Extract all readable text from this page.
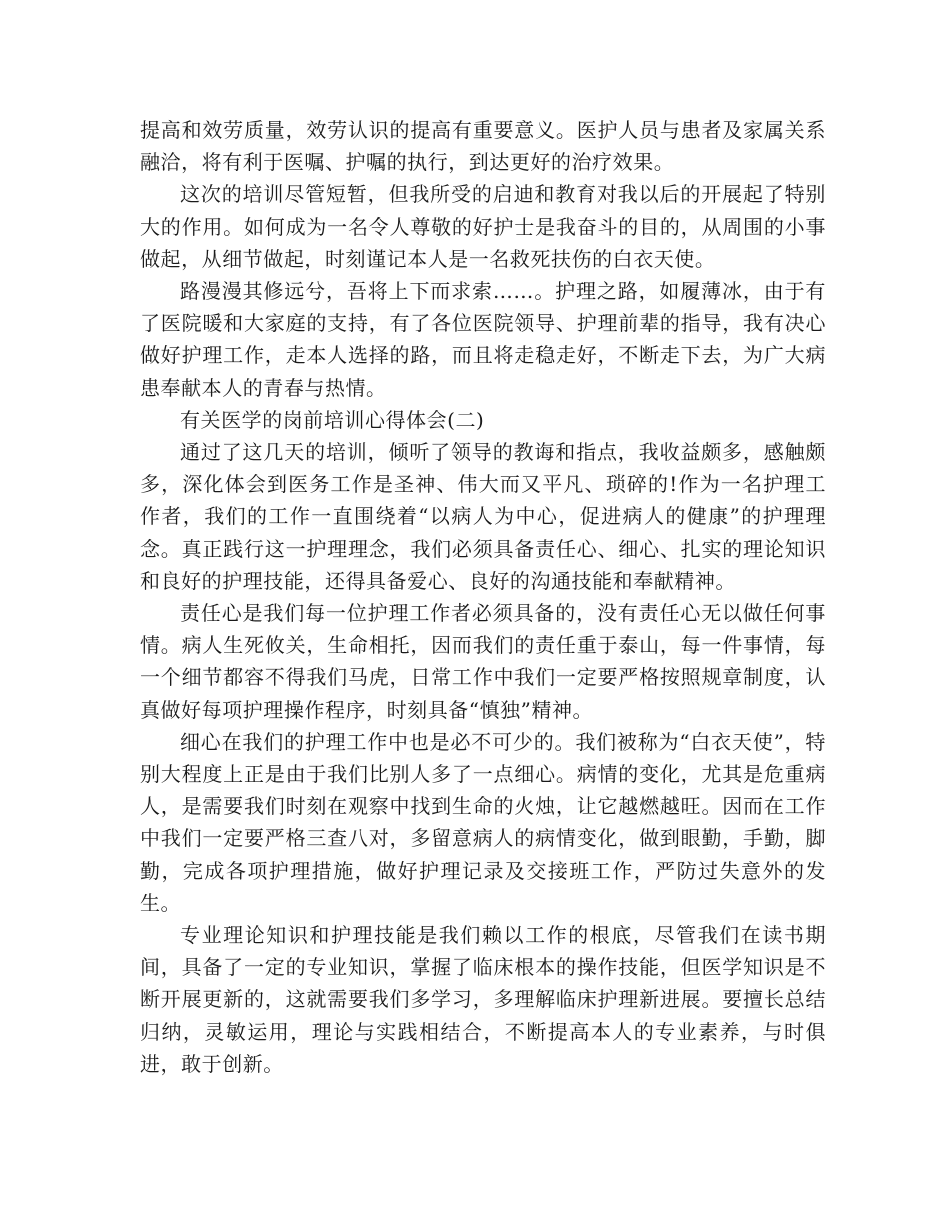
提高和效劳质量，效劳认识的提高有重要意义。医护人员与患者及家属关系融洽，将有利于医嘱、护嘱的执行，到达更好的治疗效果。

这次的培训尽管短暂，但我所受的启迪和教育对我以后的开展起了特别大的作用。如何成为一名令人尊敬的好护士是我奋斗的目的，从周围的小事做起，从细节做起，时刻谨记本人是一名救死扶伤的白衣天使。

路漫漫其修远兮，吾将上下而求索……。护理之路，如履薄冰，由于有了医院暖和大家庭的支持，有了各位医院领导、护理前辈的指导，我有决心做好护理工作，走本人选择的路，而且将走稳走好，不断走下去，为广大病患奉献本人的青春与热情。

有关医学的岗前培训心得体会(二)

通过了这几天的培训，倾听了领导的教诲和指点，我收益颇多，感触颇多，深化体会到医务工作是圣神、伟大而又平凡、琐碎的!作为一名护理工作者，我们的工作一直围绕着“以病人为中心，促进病人的健康”的护理理念。真正践行这一护理理念，我们必须具备责任心、细心、扎实的理论知识和良好的护理技能，还得具备爱心、良好的沟通技能和奉献精神。

责任心是我们每一位护理工作者必须具备的，没有责任心无以做任何事情。病人生死攸关，生命相托，因而我们的责任重于泰山，每一件事情，每一个细节都容不得我们马虎，日常工作中我们一定要严格按照规章制度，认真做好每项护理操作程序，时刻具备“慎独”精神。

细心在我们的护理工作中也是必不可少的。我们被称为“白衣天使”，特别大程度上正是由于我们比别人多了一点细心。病情的变化，尤其是危重病人，是需要我们时刻在观察中找到生命的火烛，让它越燃越旺。因而在工作中我们一定要严格三查八对，多留意病人的病情变化，做到眼勤，手勤，脚勤，完成各项护理措施，做好护理记录及交接班工作，严防过失意外的发生。

专业理论知识和护理技能是我们赖以工作的根底，尽管我们在读书期间，具备了一定的专业知识，掌握了临床根本的操作技能，但医学知识是不断开展更新的，这就需要我们多学习，多理解临床护理新进展。要擅长总结归纳，灵敏运用，理论与实践相结合，不断提高本人的专业素养，与时俱进，敢于创新。
